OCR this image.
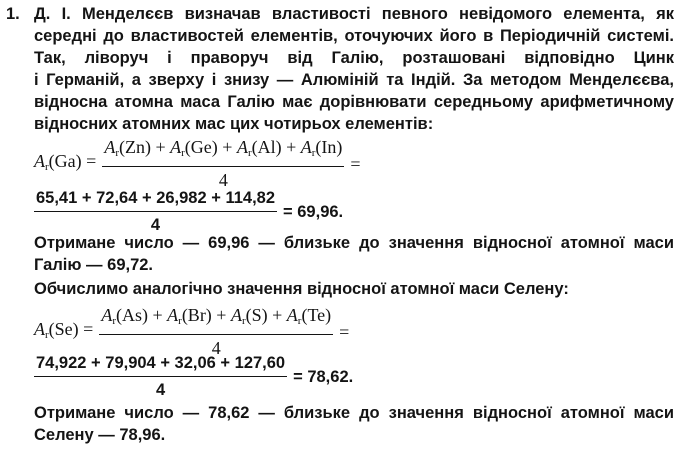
1. Д. І. Менделєєв визначав властивості певного невідомого елемента, як
середні до властивостей елементів, оточуючих його в Періодичній системі.
Так, ліворуч і праворуч від Галію, розташовані відповідно Цинк
і Германій, а зверху і знизу — Алюміній та Індій. За методом Менделєєва,
відносна атомна маса Галію має дорівнювати середньому арифметичному
відносних атомних мас цих чотирьох елементів:
$A_r(Ga) = \frac{A_r(Zn) + A_r(Ge) + A_r(Al) + A_r(In)}{4}$ =
$\frac{65,41 + 72,64 + 26,982 + 114,82}{4} = 69,96$.
Отримане число — 69,96 — близьке до значення відносної атомної маси
Галію — 69,72.
Обчислимо аналогічно значення відносної атомної маси Селену:
$A_r(Se) = \frac{A_r(As) + A_r(Br) + A_r(S) + A_r(Te)}{4}$ =
$\frac{74,922 + 79,904 + 32,06 + 127,60}{4} = 78,62$.
Отримане число — 78,62 — близьке до значення відносної атомної маси
Селену — 78,96.
